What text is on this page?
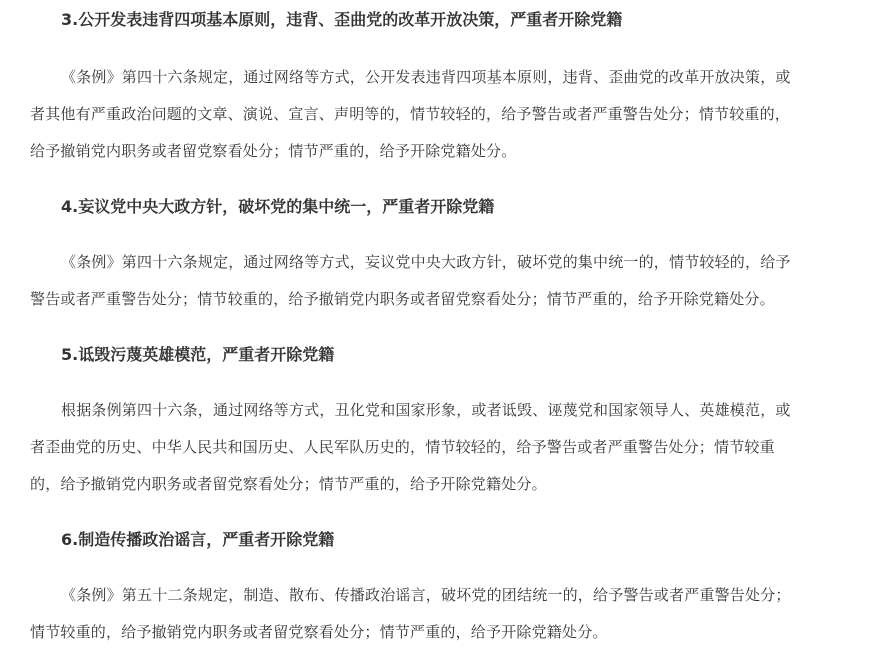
3.公开发表违背四项基本原则，违背、歪曲党的改革开放决策，严重者开除党籍

《条例》第四十六条规定，通过网络等方式，公开发表违背四项基本原则，违背、歪曲党的改革开放决策，或
者其他有严重政治问题的文章、演说、宣言、声明等的，情节较轻的，给予警告或者严重警告处分；情节较重的，
给予撤销党内职务或者留党察看处分；情节严重的，给予开除党籍处分。

4.妄议党中央大政方针，破坏党的集中统一，严重者开除党籍

《条例》第四十六条规定，通过网络等方式，妄议党中央大政方针，破坏党的集中统一的，情节较轻的，给予
警告或者严重警告处分；情节较重的，给予撤销党内职务或者留党察看处分；情节严重的，给予开除党籍处分。

5.诋毁污蔑英雄模范，严重者开除党籍

根据条例第四十六条，通过网络等方式，丑化党和国家形象，或者诋毁、诬蔑党和国家领导人、英雄模范，或
者歪曲党的历史、中华人民共和国历史、人民军队历史的，情节较轻的，给予警告或者严重警告处分；情节较重
的，给予撤销党内职务或者留党察看处分；情节严重的，给予开除党籍处分。

6.制造传播政治谣言，严重者开除党籍

《条例》第五十二条规定，制造、散布、传播政治谣言，破坏党的团结统一的，给予警告或者严重警告处分；
情节较重的，给予撤销党内职务或者留党察看处分；情节严重的，给予开除党籍处分。
